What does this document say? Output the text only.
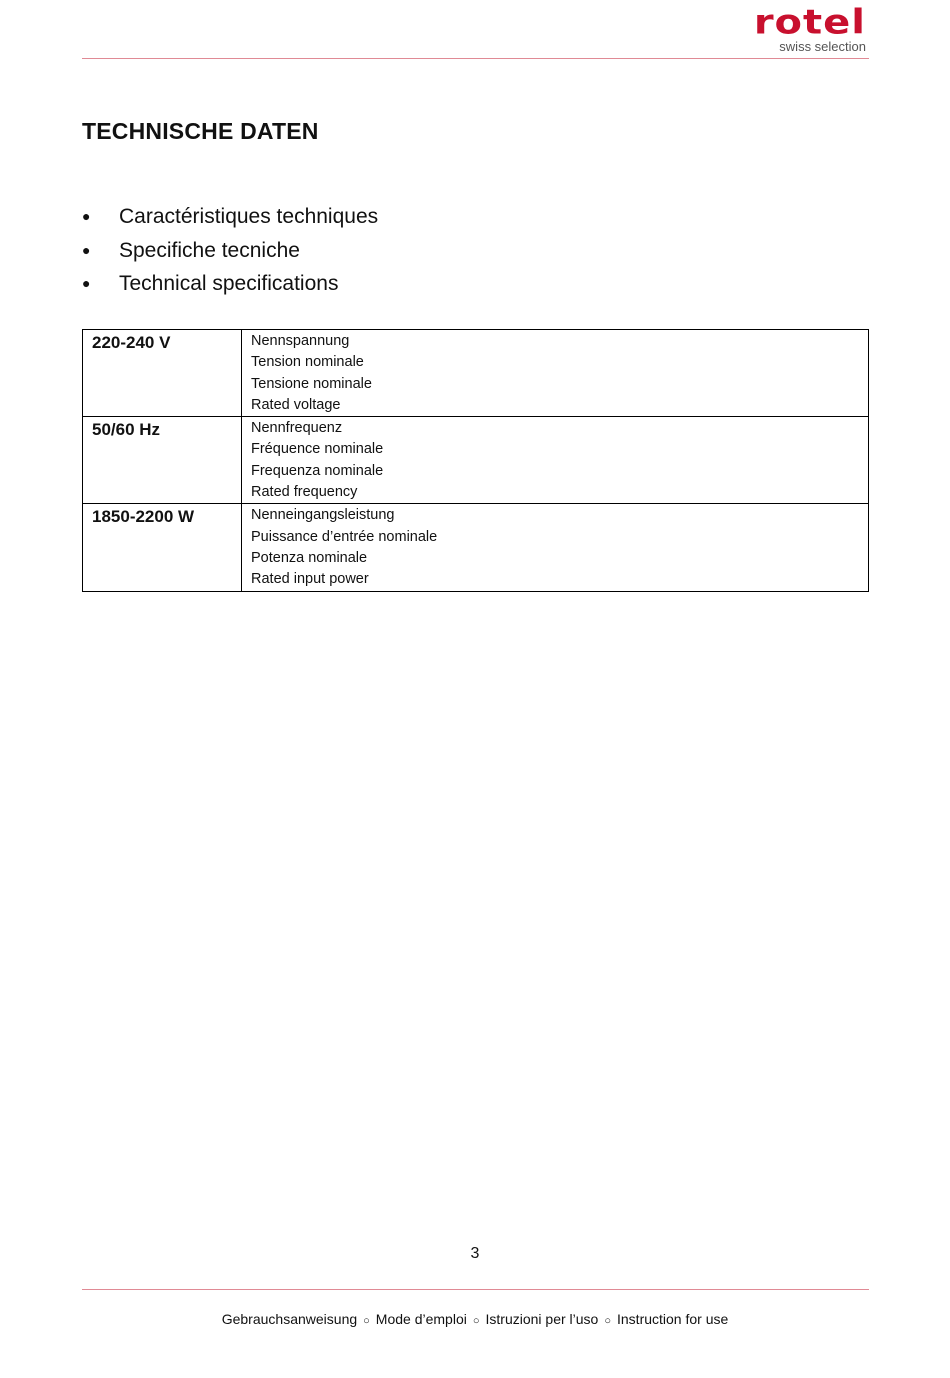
rotel
swiss selection
TECHNISCHE DATEN
●	Caractéristiques techniques
●	Specifiche tecniche
●	Technical specifications
220-240 V	Nennspannung
Tension nominale
Tensione nominale
Rated voltage

50/60 Hz	Nennfrequenz
Fréquence nominale
Frequenza nominale
Rated frequency

1850-2200 W	Nenneingangsleistung
Puissance d’entrée nominale
Potenza nominale
Rated input power
3
Gebrauchsanweisung ○ Mode d’emploi ○ Istruzioni per l’uso ○ Instruction for use
